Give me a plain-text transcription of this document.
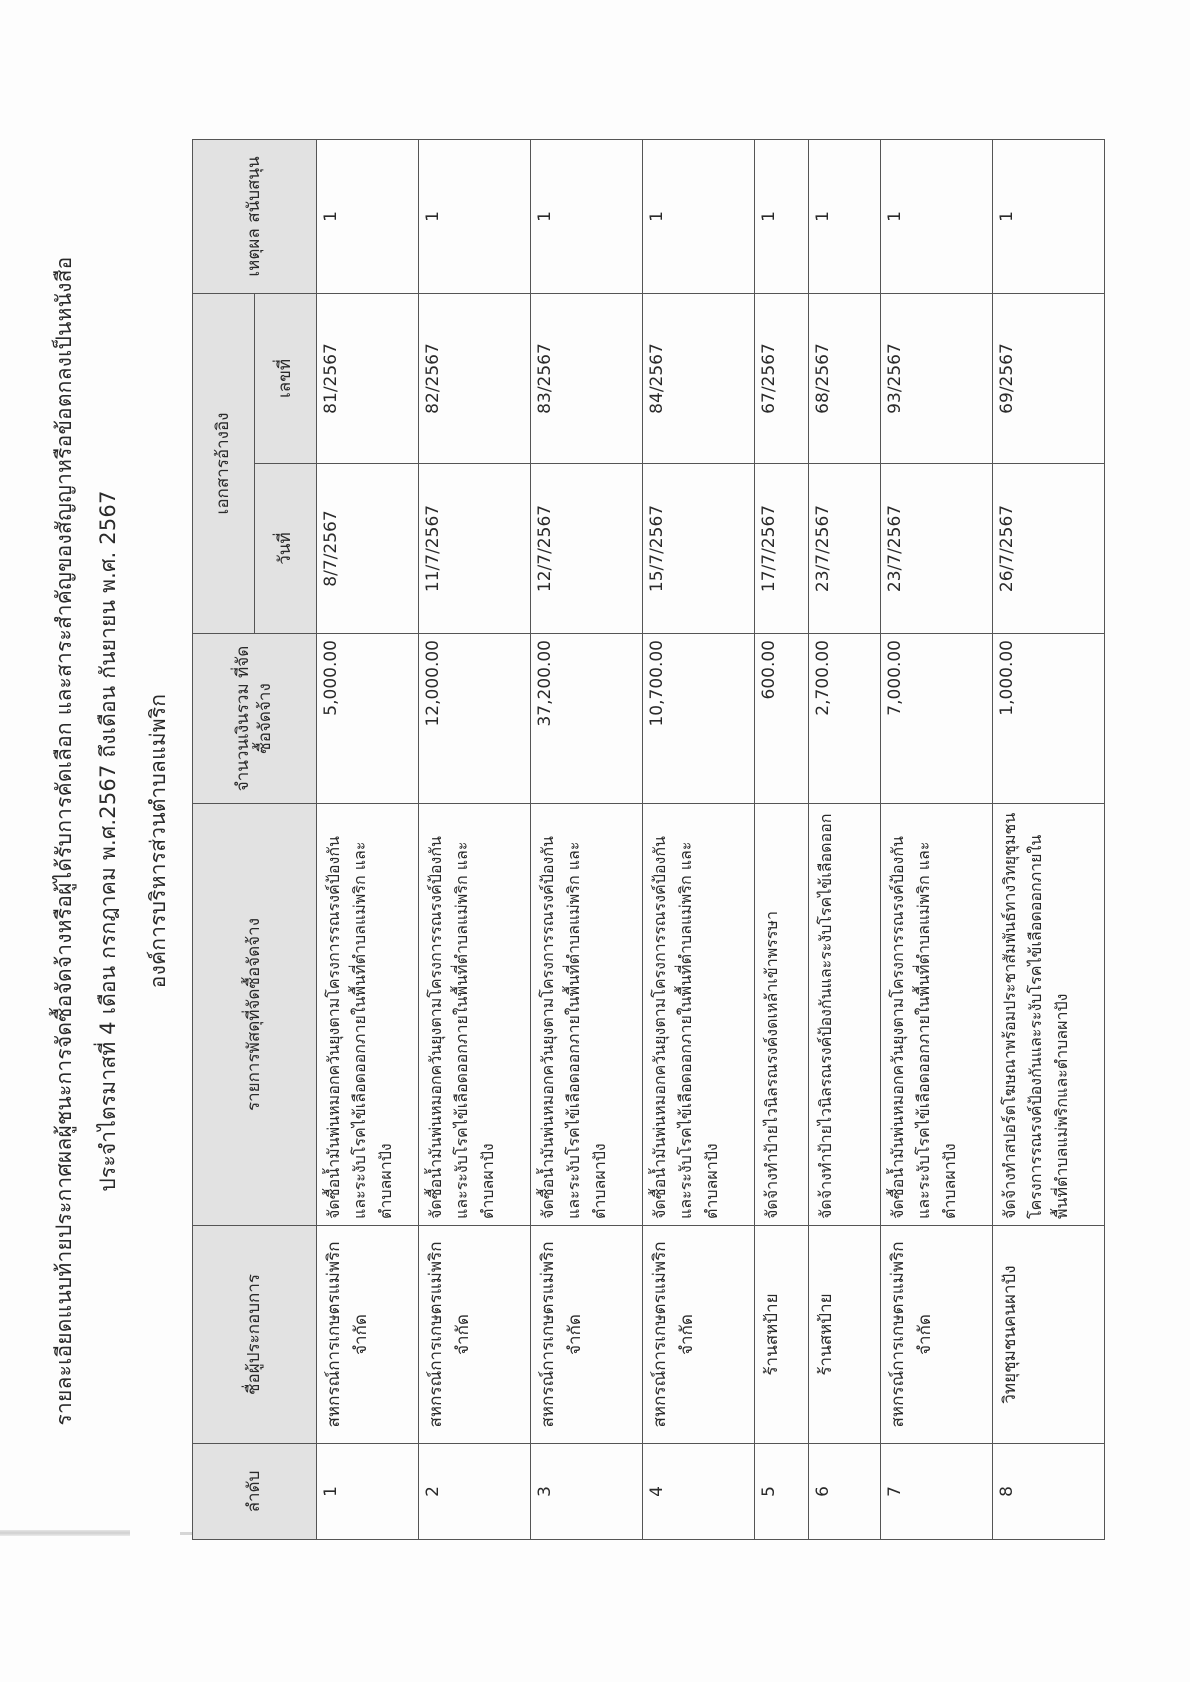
รายละเอียดแนบท้ายประกาศผลผู้ชนะการจัดซื้อจัดจ้างหรือผู้ได้รับการคัดเลือก และสาระสำคัญของสัญญาหรือข้อตกลงเป็นหนังสือ ประจำไตรมาสที่ 4 เดือน กรกฎาคม พ.ศ.2567 ถึงเดือน กันยายน พ.ศ. 2567 องค์การบริหารส่วนตำบลแม่พริก
ลำดับ	ชื่อผู้ประกอบการ	รายการพัสดุที่จัดซื้อจัดจ้าง	จำนวนเงินรวม ที่จัดซื้อจัดจ้าง	เอกสารอ้างอิง		เหตุผล สนับสนุน
				วันที่	เลขที่	
1	สหกรณ์การเกษตรแม่พริก จำกัด	จัดซื้อน้ำมันพ่นหมอกควันยุงตามโครงการรณรงค์ป้องกันและระงับโรคไข้เลือดออกภายในพื้นที่ตำบลแม่พริก และตำบลผาปัง	5,000.00	8/7/2567	81/2567	1
2	สหกรณ์การเกษตรแม่พริก จำกัด	จัดซื้อน้ำมันพ่นหมอกควันยุงตามโครงการรณรงค์ป้องกันและระงับโรคไข้เลือดออกภายในพื้นที่ตำบลแม่พริก และตำบลผาปัง	12,000.00	11/7/2567	82/2567	1
3	สหกรณ์การเกษตรแม่พริก จำกัด	จัดซื้อน้ำมันพ่นหมอกควันยุงตามโครงการรณรงค์ป้องกันและระงับโรคไข้เลือดออกภายในพื้นที่ตำบลแม่พริก และตำบลผาปัง	37,200.00	12/7/2567	83/2567	1
4	สหกรณ์การเกษตรแม่พริก จำกัด	จัดซื้อน้ำมันพ่นหมอกควันยุงตามโครงการรณรงค์ป้องกันและระงับโรคไข้เลือดออกภายในพื้นที่ตำบลแม่พริก และตำบลผาปัง	10,700.00	15/7/2567	84/2567	1
5	ร้านสหป้าย	จัดจ้างทำป้ายไวนิลรณรงค์งดเหล้าเข้าพรรษา	600.00	17/7/2567	67/2567	1
6	ร้านสหป้าย	จัดจ้างทำป้ายไวนิลรณรงค์ป้องกันและระงับโรคไข้เลือดออก	2,700.00	23/7/2567	68/2567	1
7	สหกรณ์การเกษตรแม่พริก จำกัด	จัดซื้อน้ำมันพ่นหมอกควันยุงตามโครงการรณรงค์ป้องกันและระงับโรคไข้เลือดออกภายในพื้นที่ตำบลแม่พริก และตำบลผาปัง	7,000.00	23/7/2567	93/2567	1
8	วิทยุชุมชนคนผาปัง	จัดจ้างทำสปอร์ตโฆษณาพร้อมประชาสัมพันธ์ทางวิทยุชุมชนโครงการรณรงค์ป้องกันและระงับโรคไข้เลือดออกภายในพื้นที่ตำบลแม่พริกและตำบลผาปัง	1,000.00	26/7/2567	69/2567	1
